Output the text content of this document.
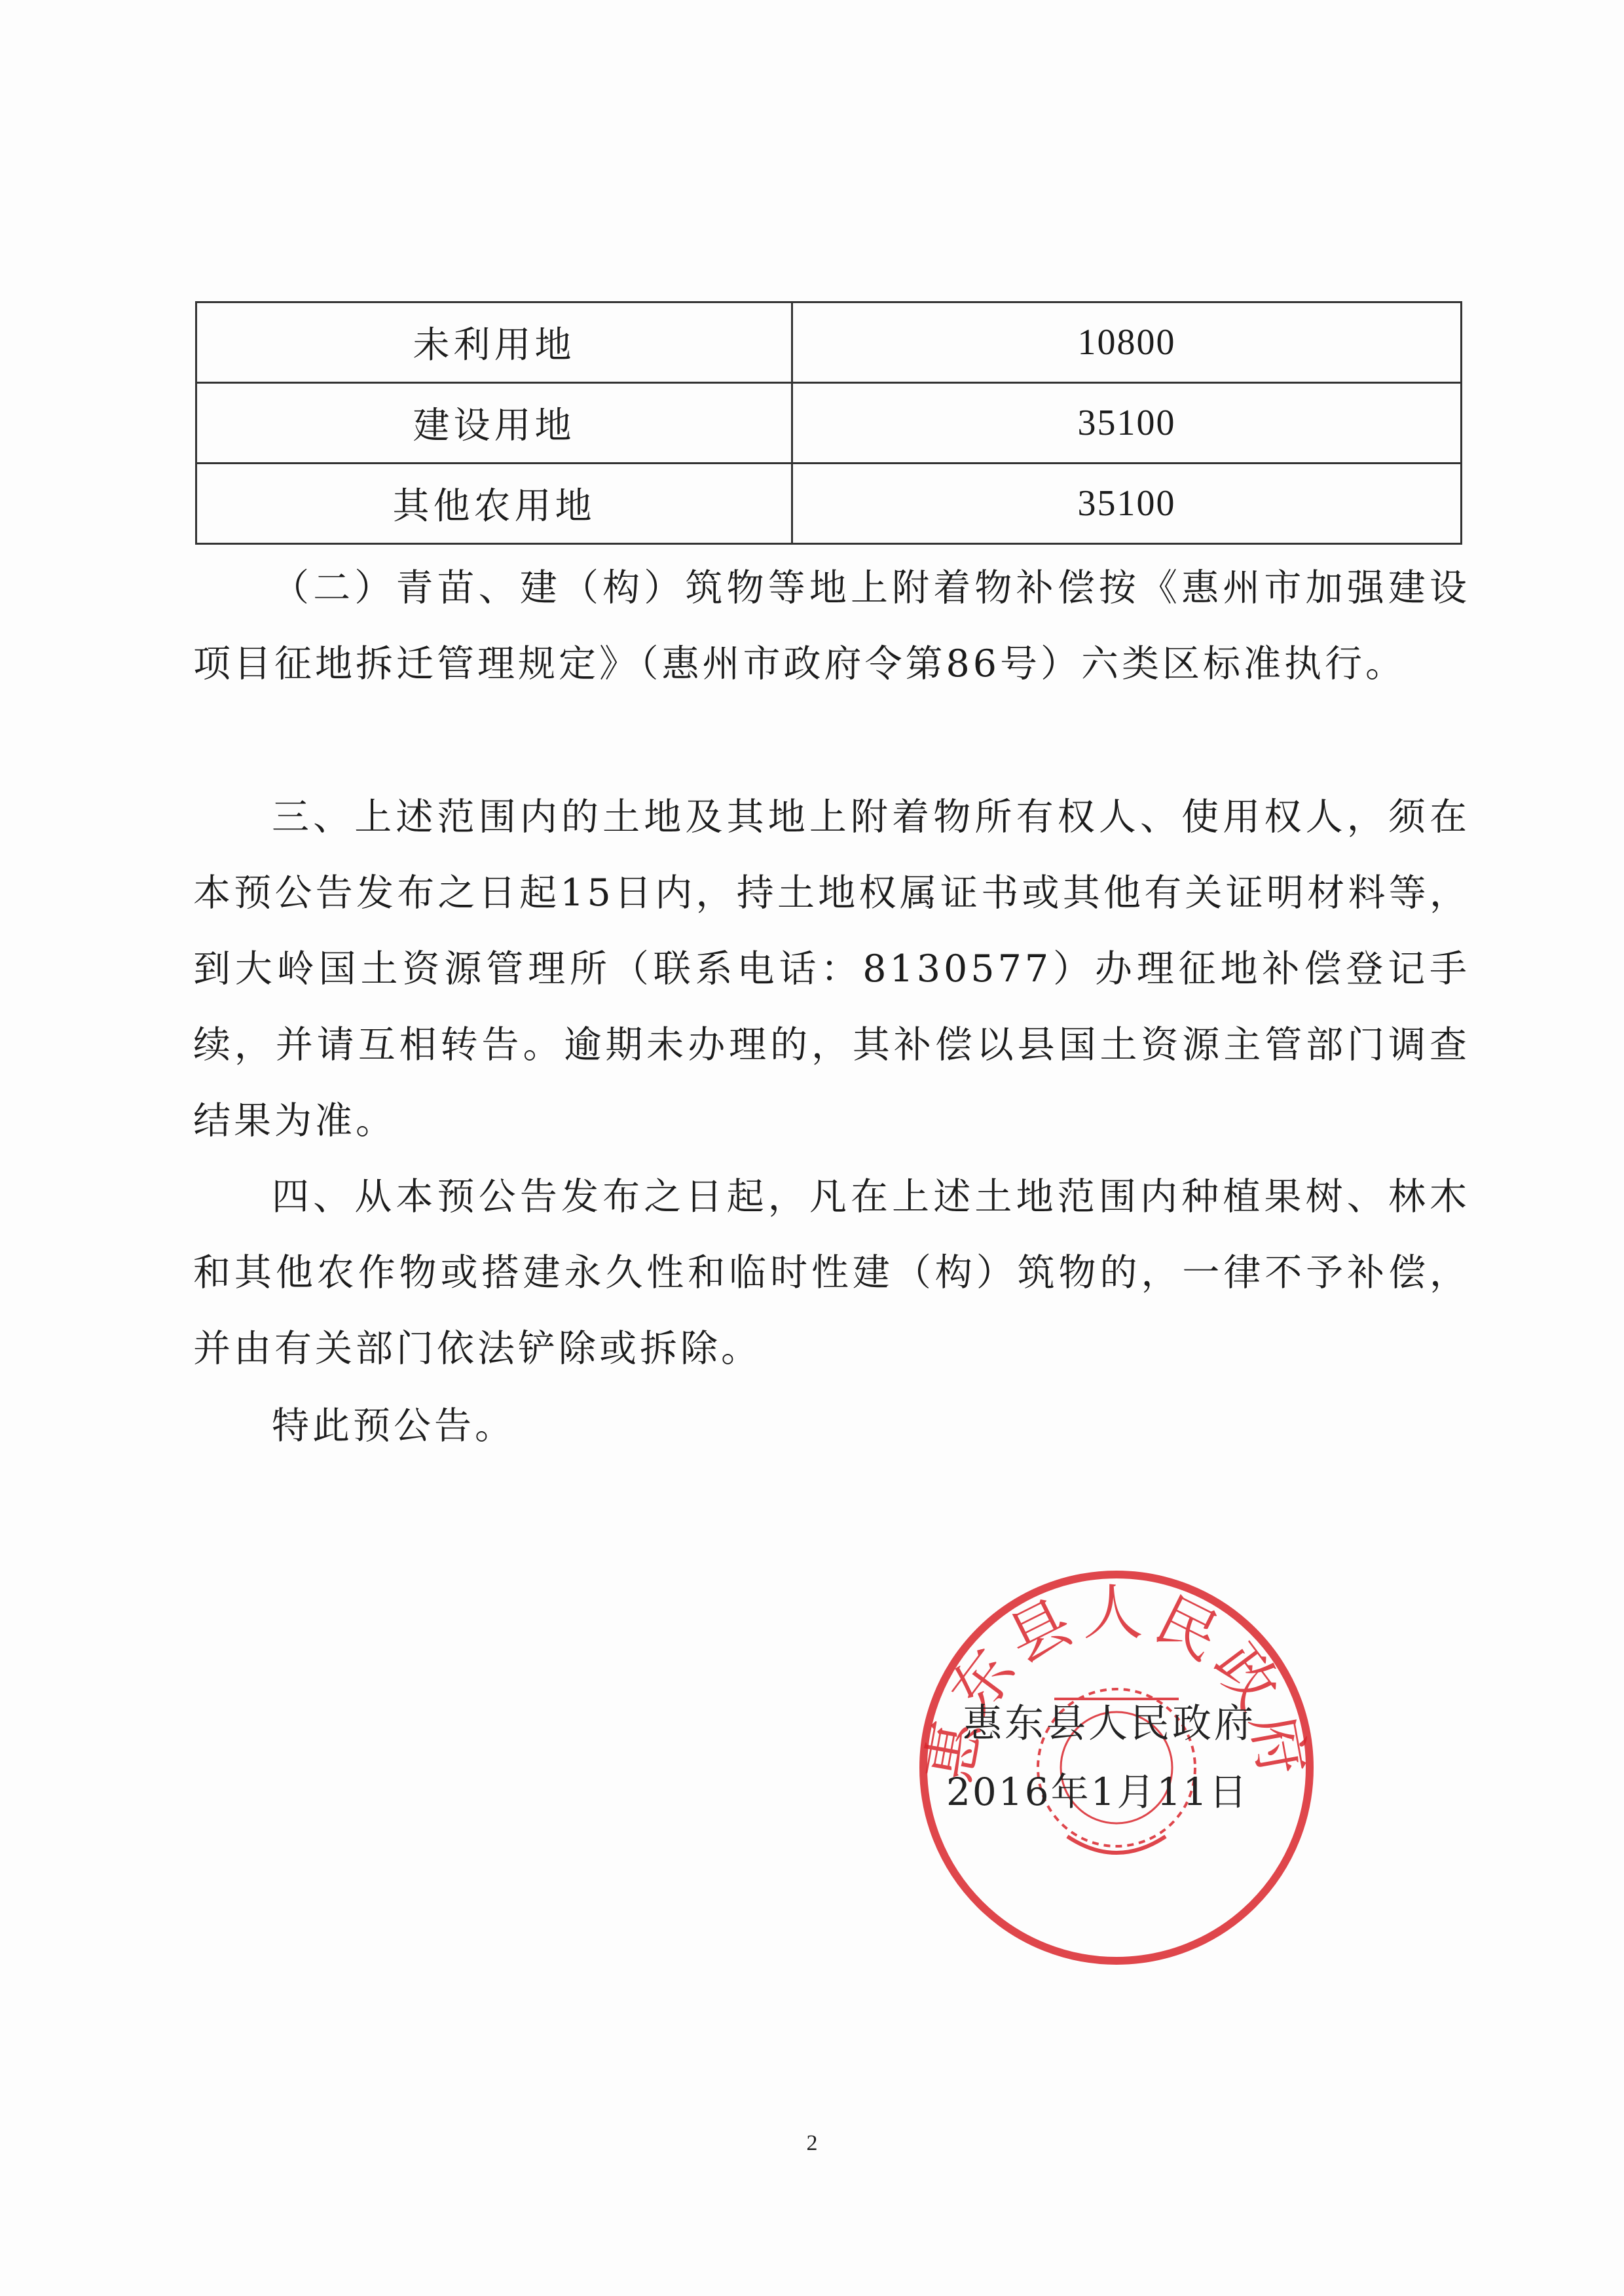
未利用地	10800
建设用地	35100
其他农用地	35100

（二）青苗、建（构）筑物等地上附着物补偿按《惠州市加强建设项目征地拆迁管理规定》（惠州市政府令第86号）六类区标准执行。

三、上述范围内的土地及其地上附着物所有权人、使用权人，须在本预公告发布之日起15日内，持土地权属证书或其他有关证明材料等，到大岭国土资源管理所（联系电话：8130577）办理征地补偿登记手续，并请互相转告。逾期未办理的，其补偿以县国土资源主管部门调查结果为准。

四、从本预公告发布之日起，凡在上述土地范围内种植果树、林木和其他农作物或搭建永久性和临时性建（构）筑物的，一律不予补偿，并由有关部门依法铲除或拆除。

特此预公告。

惠东县人民政府
惠东县人民政府
2016年1月11日
2
